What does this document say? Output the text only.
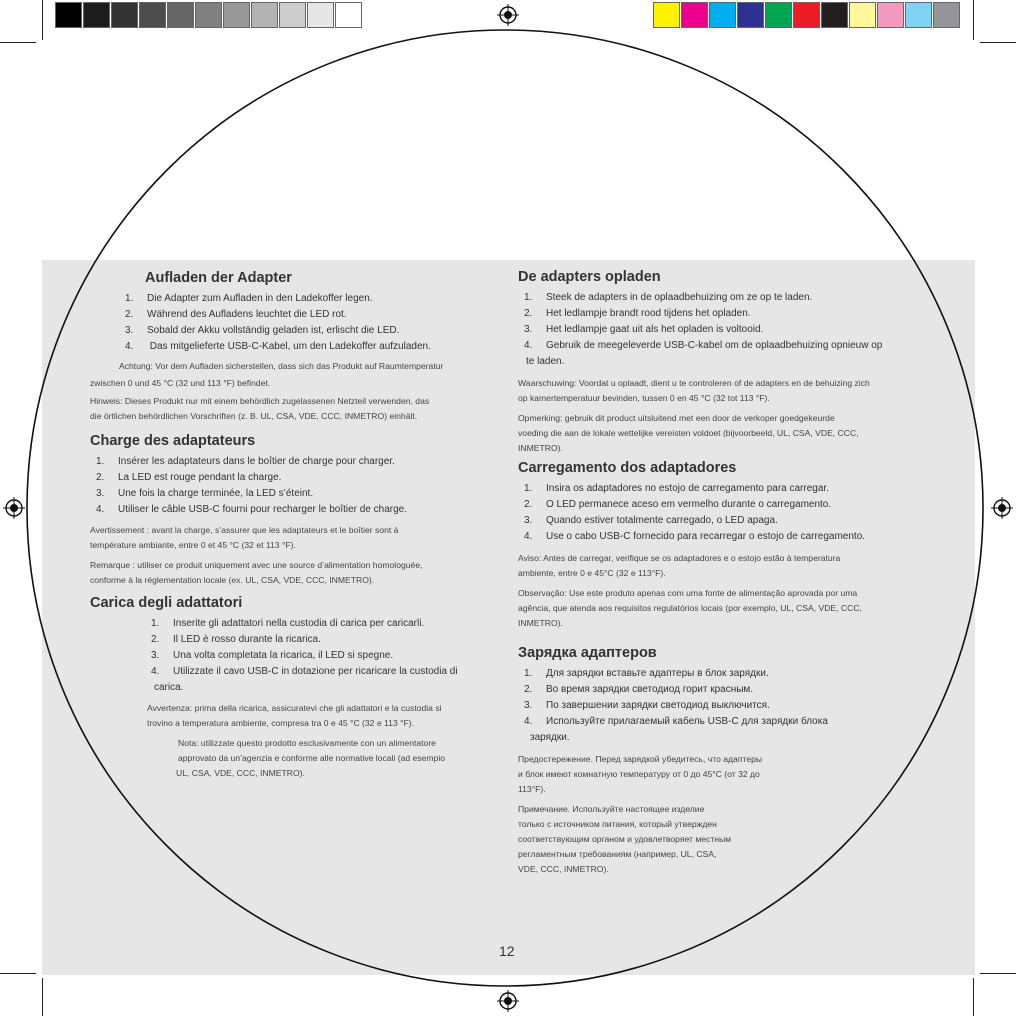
Aufladen der Adapter
1. Die Adapter zum Aufladen in den Ladekoffer legen.
2. Während des Aufladens leuchtet die LED rot.
3. Sobald der Akku vollständig geladen ist, erlischt die LED.
4. Das mitgelieferte USB-C-Kabel, um den Ladekoffer aufzuladen.
Achtung: Vor dem Aufladen sicherstellen, dass sich das Produkt auf Raumtemperatur
zwischen 0 und 45 °C (32 und 113 °F) befindet.
Hinweis: Dieses Produkt nur mit einem behördlich zugelassenen Netzteil verwenden, das
die örtlichen behördlichen Vorschriften (z. B. UL, CSA, VDE, CCC, INMETRO) einhält.
Charge des adaptateurs
1. Insérer les adaptateurs dans le boîtier de charge pour charger.
2. La LED est rouge pendant la charge.
3. Une fois la charge terminée, la LED s’éteint.
4. Utiliser le câble USB-C fourni pour recharger le boîtier de charge.
Avertissement : avant la charge, s’assurer que les adaptateurs et le boîtier sont à
température ambiante, entre 0 et 45 °C (32 et 113 °F).
Remarque : utiliser ce produit uniquement avec une source d’alimentation homologuée,
conforme à la réglementation locale (ex. UL, CSA, VDE, CCC, INMETRO).
Carica degli adattatori
1. Inserite gli adattatori nella custodia di carica per caricarli.
2. Il LED è rosso durante la ricarica.
3. Una volta completata la ricarica, il LED si spegne.
4. Utilizzate il cavo USB-C in dotazione per ricaricare la custodia di
carica.
Avvertenza: prima della ricarica, assicuratevi che gli adattatori e la custodia si
trovino a temperatura ambiente, compresa tra 0 e 45 °C (32 e 113 °F).
Nota: utilizzate questo prodotto esclusivamente con un alimentatore
approvato da un’agenzia e conforme alle normative locali (ad esempio
UL, CSA, VDE, CCC, INMETRO).
De adapters opladen
1. Steek de adapters in de oplaadbehuizing om ze op te laden.
2. Het ledlampje brandt rood tijdens het opladen.
3. Het ledlampje gaat uit als het opladen is voltooid.
4. Gebruik de meegeleverde USB-C-kabel om de oplaadbehuizing opnieuw op
te laden.
Waarschuwing: Voordat u oplaadt, dient u te controleren of de adapters en de behuizing zich
op kamertemperatuur bevinden, tussen 0 en 45 °C (32 tot 113 °F).
Opmerking: gebruik dit product uitsluitend met een door de verkoper goedgekeurde
voeding die aan de lokale wettelijke vereisten voldoet (bijvoorbeeld, UL, CSA, VDE, CCC,
INMETRO).
Carregamento dos adaptadores
1. Insira os adaptadores no estojo de carregamento para carregar.
2. O LED permanece aceso em vermelho durante o carregamento.
3. Quando estiver totalmente carregado, o LED apaga.
4. Use o cabo USB-C fornecido para recarregar o estojo de carregamento.
Aviso: Antes de carregar, verifique se os adaptadores e o estojo estão à temperatura
ambiente, entre 0 e 45°C (32 e 113°F).
Observação: Use este produto apenas com uma fonte de alimentação aprovada por uma
agência, que atenda aos requisitos regulatórios locais (por exemplo, UL, CSA, VDE, CCC,
INMETRO).
Зарядка адаптеров
1. Для зарядки вставьте адаптеры в блок зарядки.
2. Во время зарядки светодиод горит красным.
3. По завершении зарядки светодиод выключится.
4. Используйте прилагаемый кабель USB-C для зарядки блока
зарядки.
Предостережение. Перед зарядкой убедитесь, что адаптеры
и блок имеют комнатную температуру от 0 до 45°C (от 32 до
113°F).
Примечание. Используйте настоящее изделие
только с источником питания, который утвержден
соответствующим органом и удовлетворяет местным
регламентным требованиям (например, UL, CSA,
VDE, CCC, INMETRO).
12
